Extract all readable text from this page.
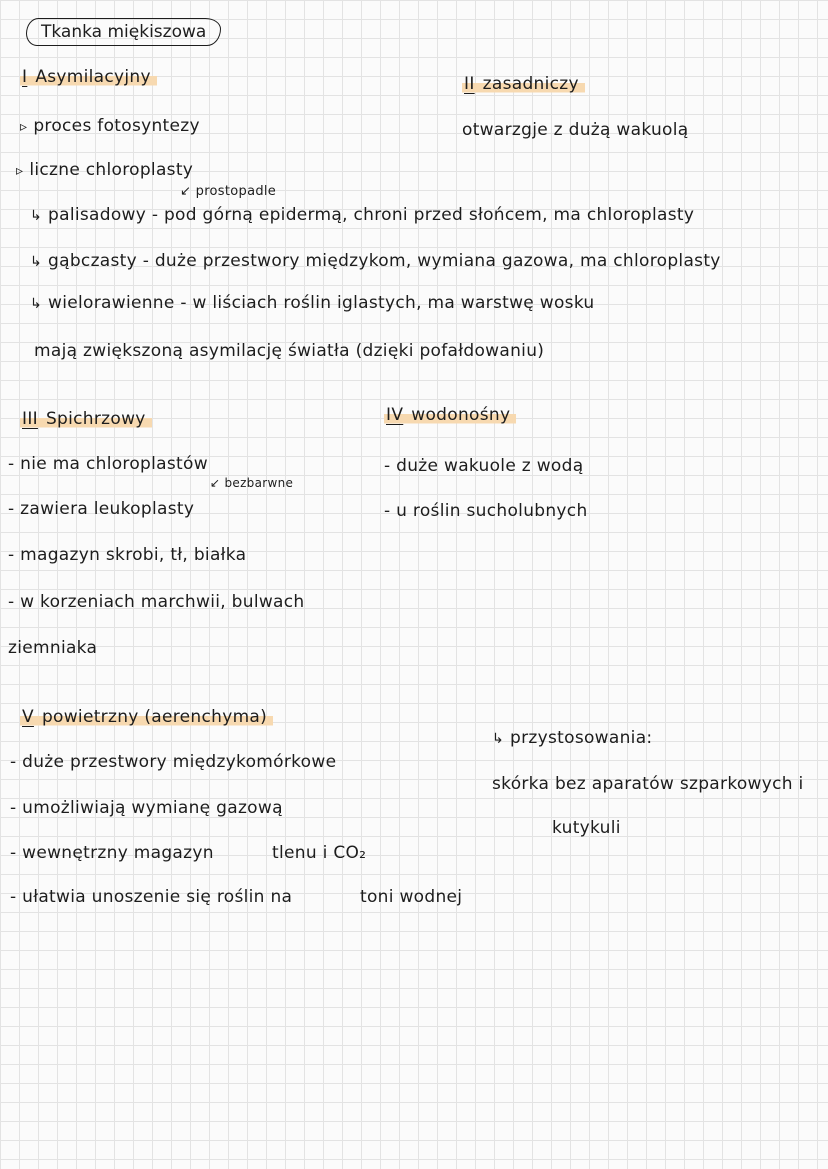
Tkanka miękiszowa
I Asymilacyjny
▹ proces fotosyntezy
▹ liczne chloroplasty
↙ prostopadle
↳ palisadowy - pod górną epidermą, chroni przed słońcem, ma chloroplasty
↳ gąbczasty - duże przestwory międzykom, wymiana gazowa, ma chloroplasty
↳ wielorawienne - w liściach roślin iglastych, ma warstwę wosku
mają zwiększoną asymilację światła (dzięki pofałdowaniu)
II zasadniczy
otwarzgje z dużą wakuolą
III Spichrzowy
- nie ma chloroplastów
↙ bezbarwne
- zawiera leukoplasty
- magazyn skrobi, tł, białka
- w korzeniach marchwii, bulwach
ziemniaka
IV wodonośny
- duże wakuole z wodą
- u roślin sucholubnych
V powietrzny (aerenchyma)
- duże przestwory międzykomórkowe
- umożliwiają wymianę gazową
- wewnętrzny magazyn	tlenu i CO₂
- ułatwia unoszenie się roślin na	toni wodnej
↳ przystosowania:
skórka bez aparatów szparkowych i
kutykuli
